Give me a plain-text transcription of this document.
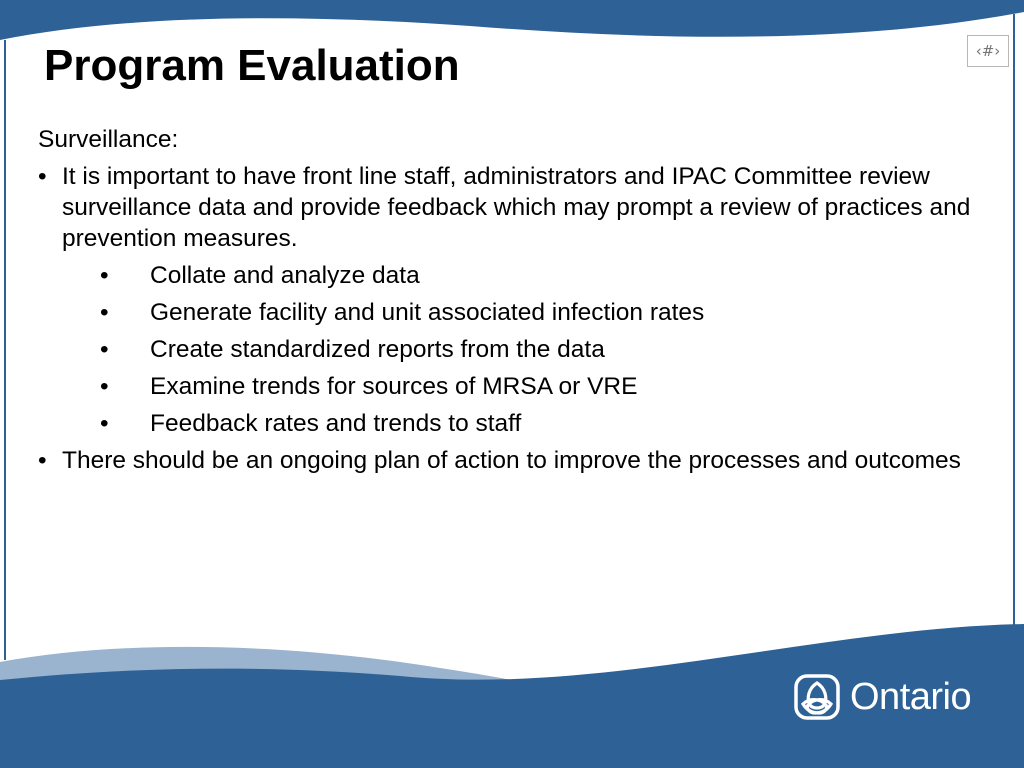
Program Evaluation	‹#›

Surveillance:

• It is important to have front line staff, administrators and IPAC Committee review surveillance data and provide feedback which may prompt a review of practices and prevention measures.
• Collate and analyze data
• Generate facility and unit associated infection rates
• Create standardized reports from the data
• Examine trends for sources of MRSA or VRE
• Feedback rates and trends to staff
• There should be an ongoing plan of action to improve the processes and outcomes
Ontario
